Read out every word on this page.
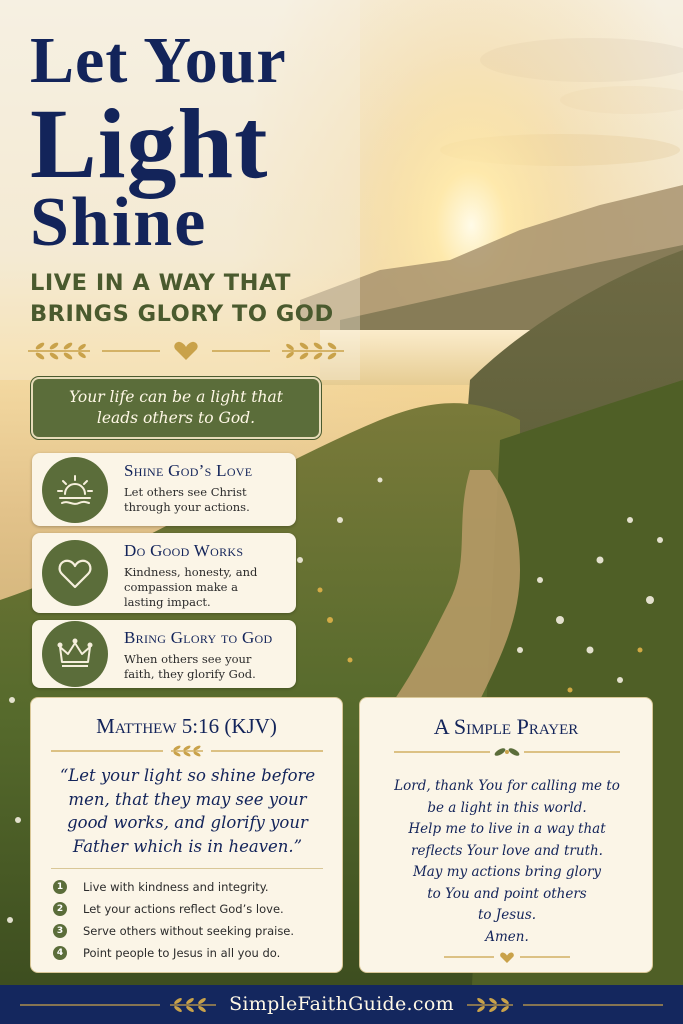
Let Your
Light
Shine
LIVE IN A WAY THAT
BRINGS GLORY TO GOD
Your life can be a light that
leads others to God.
Shine God’s Love
Let others see Christ
through your actions.
Do Good Works
Kindness, honesty, and
compassion make a
lasting impact.
Bring Glory to God
When others see your
faith, they glorify God.
Matthew 5:16 (KJV)
“Let your light so shine before
men, that they may see your
good works, and glorify your
Father which is in heaven.”
1	Live with kindness and integrity.
2	Let your actions reflect God’s love.
3	Serve others without seeking praise.
4	Point people to Jesus in all you do.
A Simple Prayer
Lord, thank You for calling me to
be a light in this world.
Help me to live in a way that
reflects Your love and truth.
May my actions bring glory
to You and point others
to Jesus.
Amen.
SimpleFaithGuide.com
